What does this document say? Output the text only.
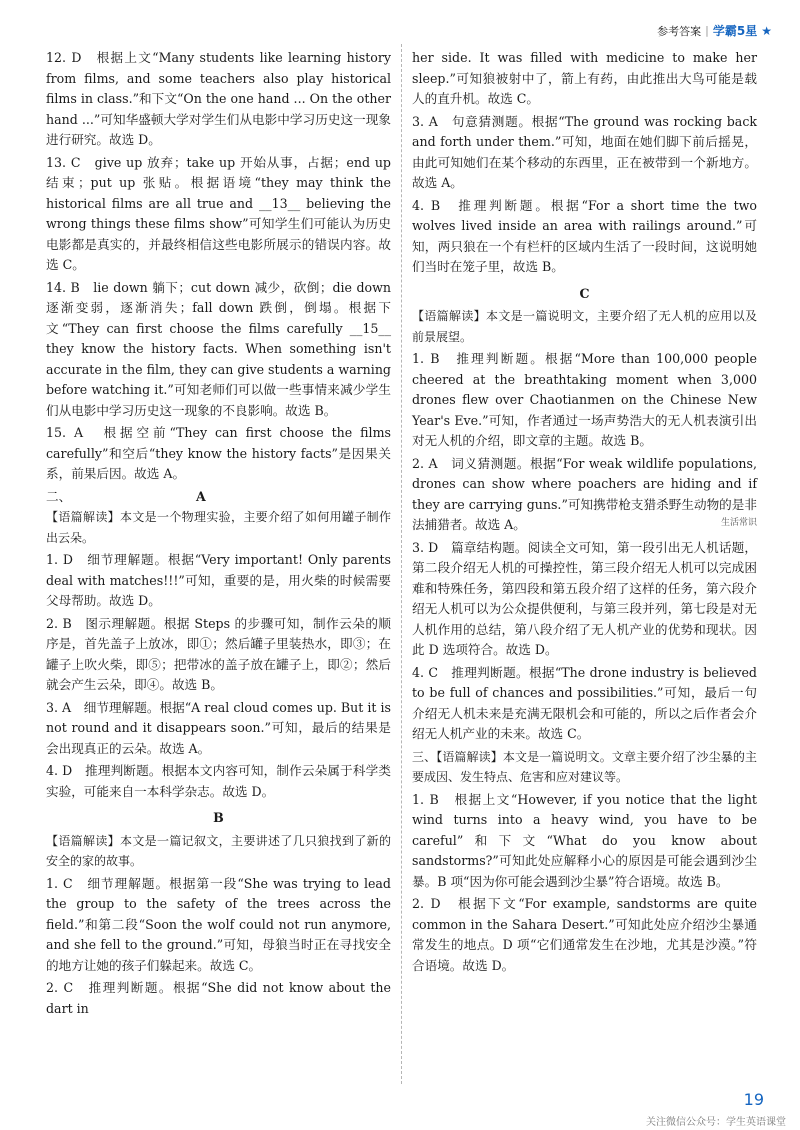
参考答案 | 学霸5星 ★

12. D　根据上文“Many students like learning history from films, and some teachers also play historical films in class.”和下文“On the one hand ... On the other hand ...”可知华盛顿大学对学生们从电影中学习历史这一现象进行研究。故选 D。

13. C　give up 放弃；take up 开始从事，占据；end up 结束；put up 张贴。根据语境“they may think the historical films are all true and __13__ believing the wrong things these films show”可知学生们可能认为历史电影都是真实的，并最终相信这些电影所展示的错误内容。故选 C。

14. B　lie down 躺下；cut down 减少，砍倒；die down 逐渐变弱，逐渐消失；fall down 跌倒，倒塌。根据下文“They can first choose the films carefully __15__ they know the history facts. When something isn't accurate in the film, they can give students a warning before watching it.”可知老师们可以做一些事情来减少学生们从电影中学习历史这一现象的不良影响。故选 B。

15. A　根据空前“They can first choose the films carefully”和空后“they know the history facts”是因果关系，前果后因。故选 A。

二、	A

【语篇解读】本文是一个物理实验，主要介绍了如何用罐子制作出云朵。

1. D　细节理解题。根据“Very important! Only parents deal with matches!!!”可知，重要的是，用火柴的时候需要父母帮助。故选 D。

2. B　图示理解题。根据 Steps 的步骤可知，制作云朵的顺序是，首先盖子上放冰，即①；然后罐子里装热水，即③；在罐子上吹火柴，即⑤；把带冰的盖子放在罐子上，即②；然后就会产生云朵，即④。故选 B。

3. A　细节理解题。根据“A real cloud comes up. But it is not round and it disappears soon.”可知，最后的结果是会出现真正的云朵。故选 A。

4. D　推理判断题。根据本文内容可知，制作云朵属于科学类实验，可能来自一本科学杂志。故选 D。

B

【语篇解读】本文是一篇记叙文，主要讲述了几只狼找到了新的安全的家的故事。

1. C　细节理解题。根据第一段“She was trying to lead the group to the safety of the trees across the field.”和第二段“Soon the wolf could not run anymore, and she fell to the ground.”可知，母狼当时正在寻找安全的地方让她的孩子们躲起来。故选 C。

2. C　推理判断题。根据“She did not know about the dart in

her side. It was filled with medicine to make her sleep.”可知狼被射中了，箭上有药，由此推出大鸟可能是载人的直升机。故选 C。

3. A　句意猜测题。根据“The ground was rocking back and forth under them.”可知，地面在她们脚下前后摇晃，由此可知她们在某个移动的东西里，正在被带到一个新地方。故选 A。

4. B　推理判断题。根据“For a short time the two wolves lived inside an area with railings around.”可知，两只狼在一个有栏杆的区域内生活了一段时间，这说明她们当时在笼子里，故选 B。

C

【语篇解读】本文是一篇说明文，主要介绍了无人机的应用以及前景展望。

1. B　推理判断题。根据“More than 100,000 people cheered at the breathtaking moment when 3,000 drones flew over Chaotianmen on the Chinese New Year's Eve.”可知，作者通过一场声势浩大的无人机表演引出对无人机的介绍，即文章的主题。故选 B。

2. A　词义猜测题。根据“For weak wildlife populations, drones can show where poachers are hiding and if they are carrying guns.”可知携带枪支猎杀野生动物的是非法捕猎者。故选 A。	生活常识

3. D　篇章结构题。阅读全文可知，第一段引出无人机话题，第二段介绍无人机的可操控性，第三段介绍无人机可以完成困难和特殊任务，第四段和第五段介绍了这样的任务，第六段介绍无人机可以为公众提供便利，与第三段并列，第七段是对无人机作用的总结，第八段介绍了无人机产业的优势和现状。因此 D 选项符合。故选 D。

4. C　推理判断题。根据“The drone industry is believed to be full of chances and possibilities.”可知，最后一句介绍无人机未来是充满无限机会和可能的，所以之后作者会介绍无人机产业的未来。故选 C。

三、【语篇解读】本文是一篇说明文。文章主要介绍了沙尘暴的主要成因、发生特点、危害和应对建议等。

1. B　根据上文“However, if you notice that the light wind turns into a heavy wind, you have to be careful”和下文“What do you know about sandstorms?”可知此处应解释小心的原因是可能会遇到沙尘暴。B 项“因为你可能会遇到沙尘暴”符合语境。故选 B。

2. D　根据下文“For example, sandstorms are quite common in the Sahara Desert.”可知此处应介绍沙尘暴通常发生的地点。D 项“它们通常发生在沙地，尤其是沙漠。”符合语境。故选 D。

19
关注微信公众号：学生英语课堂
